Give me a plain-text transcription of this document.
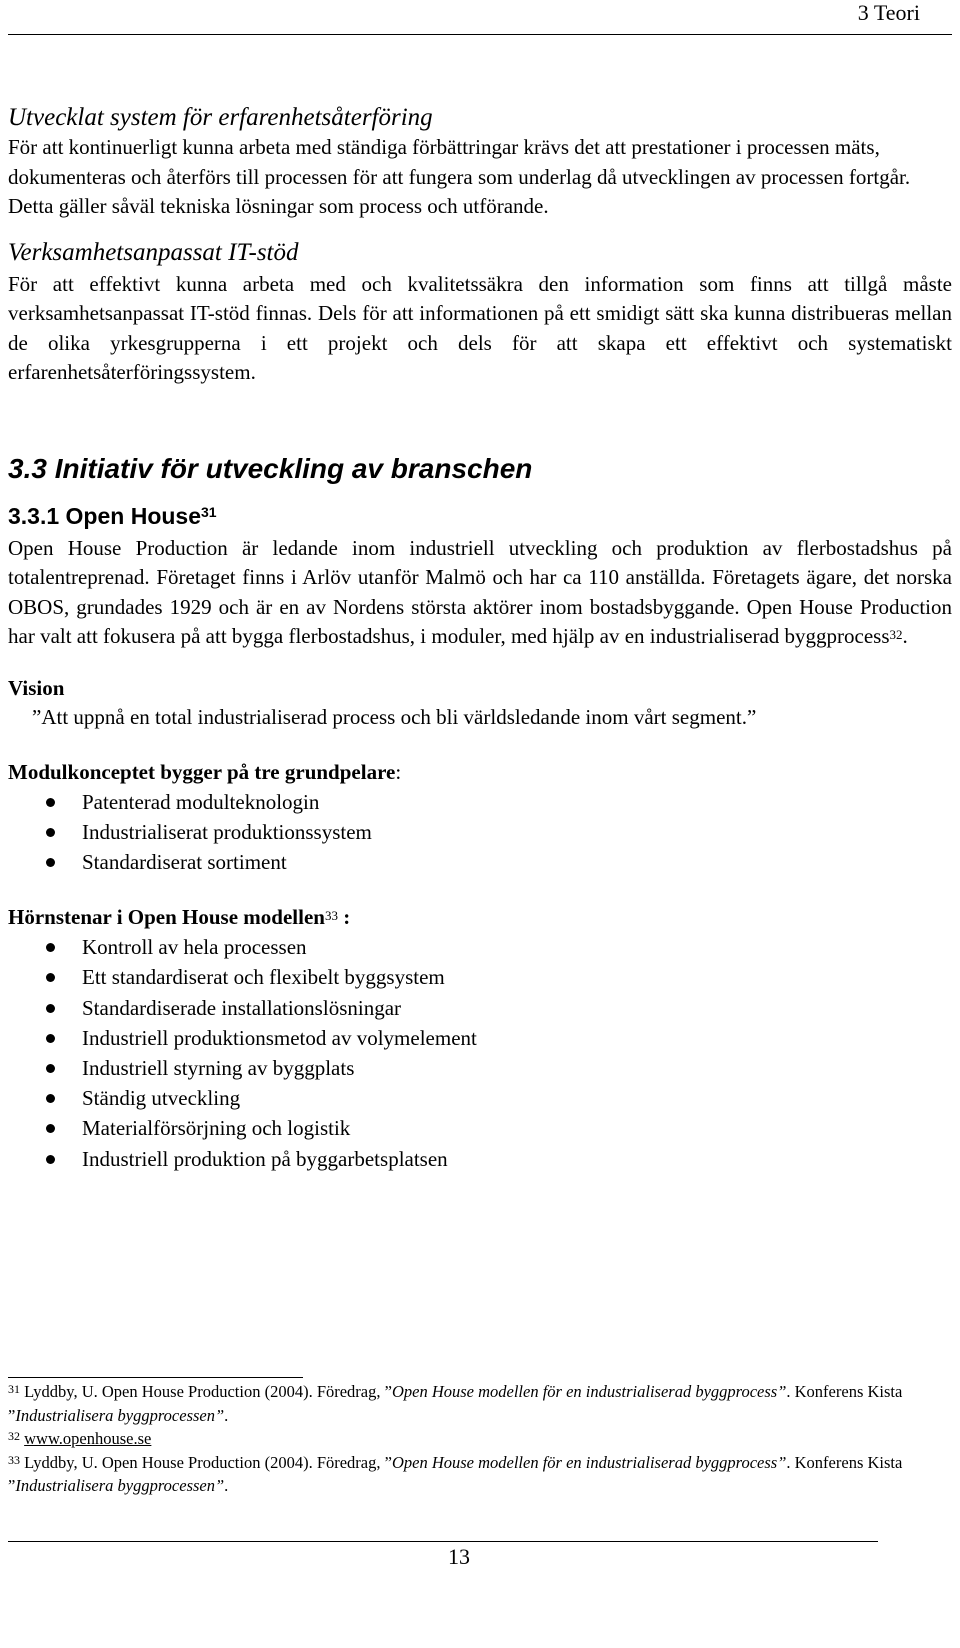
3 Teori
Utvecklat system för erfarenhetsåterföring

För att kontinuerligt kunna arbeta med ständiga förbättringar krävs det att prestationer i processen mäts, dokumenteras och återförs till processen för att fungera som underlag då utvecklingen av processen fortgår. Detta gäller såväl tekniska lösningar som process och utförande.

Verksamhetsanpassat IT-stöd

För att effektivt kunna arbeta med och kvalitetssäkra den information som finns att tillgå måste verksamhetsanpassat IT-stöd finnas. Dels för att informationen på ett smidigt sätt ska kunna distribueras mellan de olika yrkesgrupperna i ett projekt och dels för att skapa ett effektivt och systematiskt erfarenhetsåterföringssystem.

3.3 Initiativ för utveckling av branschen
3.3.1 Open House$^{31}$

Open House Production är ledande inom industriell utveckling och produktion av flerbostadshus på totalentreprenad. Företaget finns i Arlöv utanför Malmö och har ca 110 anställda. Företagets ägare, det norska OBOS, grundades 1929 och är en av Nordens största aktörer inom bostadsbyggande. Open House Production har valt att fokusera på att bygga flerbostadshus, i moduler, med hjälp av en industrialiserad byggprocess$^{32}$.

Vision
”Att uppnå en total industrialiserad process och bli världsledande inom vårt segment.”
Modulkonceptet bygger på tre grundpelare:
Patenterad modulteknologin
Industrialiserat produktionssystem
Standardiserat sortiment
Hörnstenar i Open House modellen$^{33}$ :
Kontroll av hela processen
Ett standardiserat och flexibelt byggsystem
Standardiserade installationslösningar
Industriell produktionsmetod av volymelement
Industriell styrning av byggplats
Ständig utveckling
Materialförsörjning och logistik
Industriell produktion på byggarbetsplatsen
$^{31}$ Lyddby, U. Open House Production (2004). Föredrag, ”Open House modellen för en industrialiserad byggprocess”. Konferens Kista ”Industrialisera byggprocessen”.
$^{32}$ www.openhouse.se
$^{33}$ Lyddby, U. Open House Production (2004). Föredrag, ”Open House modellen för en industrialiserad byggprocess”. Konferens Kista ”Industrialisera byggprocessen”.
13
